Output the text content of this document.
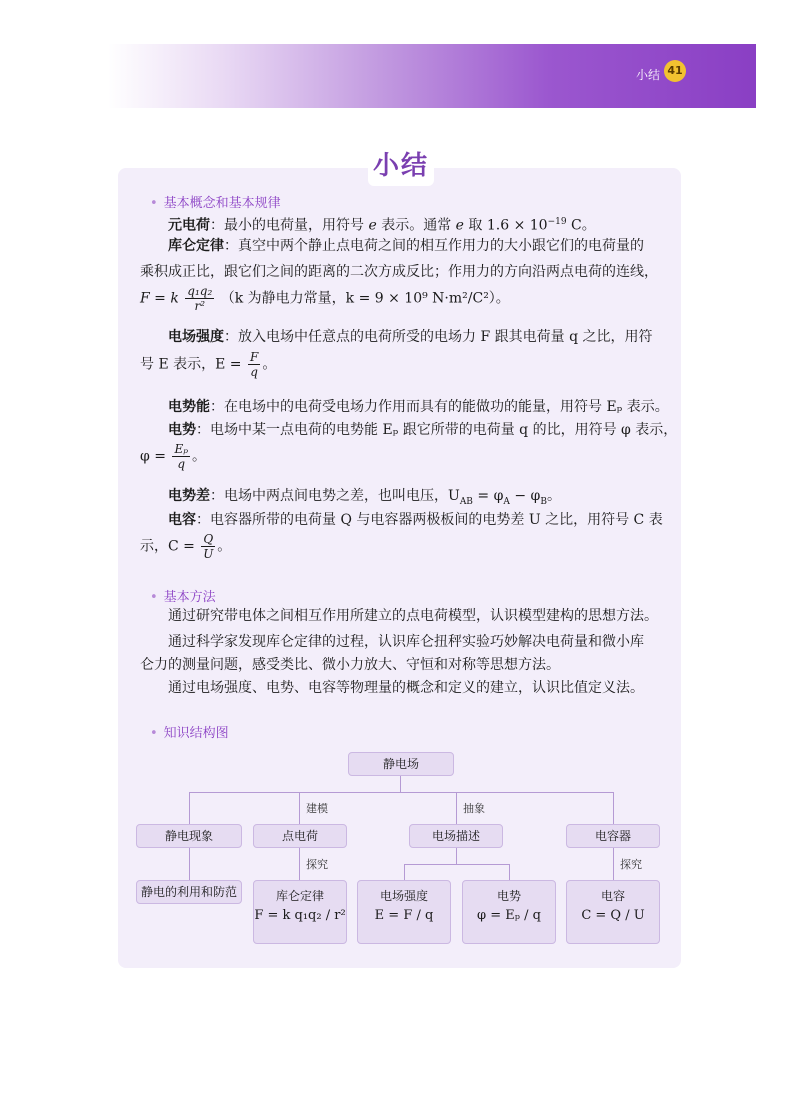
小结 41
小结
• 基本概念和基本规律
元电荷：最小的电荷量，用符号 e 表示。通常 e 取 $1.6 \times 10^{-19}$ C。
库仑定律：真空中两个静止点电荷之间的相互作用力的大小跟它们的电荷量的
乘积成正比，跟它们之间的距离的二次方成反比；作用力的方向沿两点电荷的连线，
F = k $\frac{\text{q₁q₂}}{\text{r²}} (k$ 为静电力常量，k = 9 × 10⁹ N·m²/C²）。
电场强度：放入电场中任意点的电荷所受的电场力 F 跟其电荷量 q 之比，用符
号 E 表示，$E = \frac{F}{q}$ 。
电势能：在电场中的电荷受电场力作用而具有的能做功的能量，用符号 Eₚ 表示。
电势：电场中某一点电荷的电势能 Eₚ 跟它所带的电荷量 q 的比，用符号 φ 表示，
$\varphi = \frac{\text{Eₚ}}{q}$ 。
电势差：电场中两点间电势之差，也叫电压，$U_{AB} = \varphi_A - \varphi_B$。
电容：电容器所带的电荷量 Q 与电容器两极板间的电势差 U 之比，用符号 C 表
示，$C = \frac{Q}{U}$ 。
• 基本方法
通过研究带电体之间相互作用所建立的点电荷模型，认识模型建构的思想方法。
通过科学家发现库仑定律的过程，认识库仑扭秤实验巧妙解决电荷量和微小库
仑力的测量问题，感受类比、微小力放大、守恒和对称等思想方法。
通过电场强度、电势、电容等物理量的概念和定义的建立，认识比值定义法。
• 知识结构图
建模	抽象
探究	探究
静电场
静电现象	点电荷	电场描述	电容器
静电的利用和防范	库仑定律
F = k q₁q₂ / r²
电场强度
E = F / q
电势
φ = Eₚ / q
电容
C = Q / U
